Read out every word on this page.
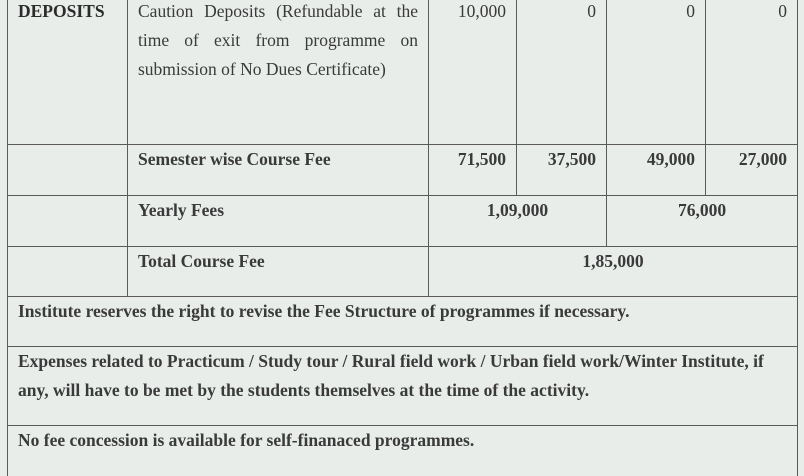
DEPOSITS	Caution Deposits (Refundable at the time of exit from programme on submission of No Dues Certificate)	10,000	0	0	0
	Semester wise Course Fee	71,500	37,500	49,000	27,000
	Yearly Fees	1,09,000		76,000	
	Total Course Fee	1,85,000			
Institute reserves the right to revise the Fee Structure of programmes if necessary.					
Expenses related to Practicum / Study tour / Rural field work / Urban field work/Winter Institute, if any, will have to be met by the students themselves at the time of the activity.					
No fee concession is available for self-finanaced programmes.					
